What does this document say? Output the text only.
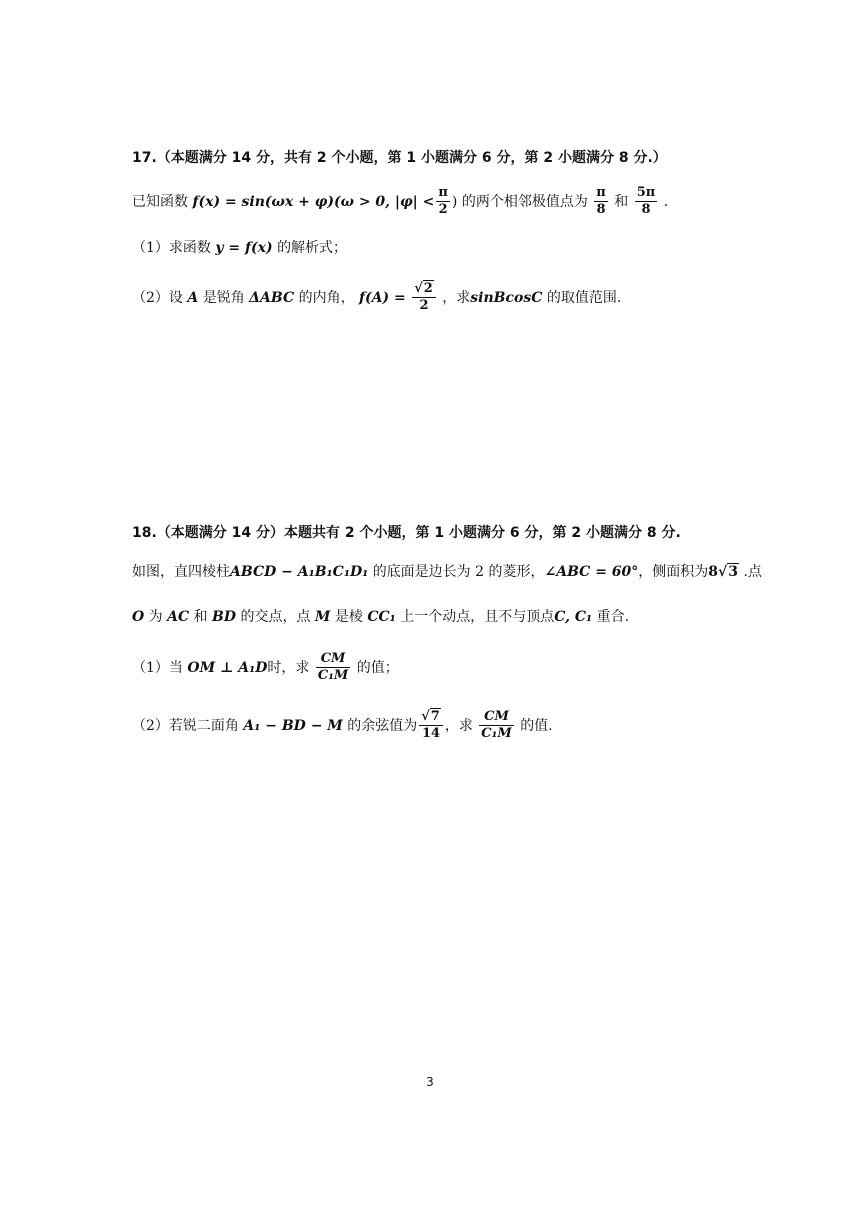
17.（本题满分 14 分，共有 2 个小题，第 1 小题满分 6 分，第 2 小题满分 8 分.）
已知函数 f(x) = sin(ωx + φ)(ω > 0, $|\varphi| < \frac{\pi}{2}$ ) 的两个相邻极值点为 $\frac{\pi}{8}$ 和 $\frac{5\pi}{8}$ .
（1）求函数 y = f(x) 的解析式；
（2）设 A 是锐角 ΔABC 的内角， $f(A) = \frac{√2}{2}$ ，求sinBcosC 的取值范围.
18.（本题满分 14 分）本题共有 2 个小题，第 1 小题满分 6 分，第 2 小题满分 8 分.
如图，直四棱柱ABCD − A₁B₁C₁D₁ 的底面是边长为 2 的菱形，∠ABC = 60°，侧面积为8√3 .点
O 为 AC 和 BD 的交点，点 M 是棱 CC₁ 上一个动点，且不与顶点C, C₁ 重合.
（1）当 OM ⊥ A₁D时，求 $\frac{CM}{\text{C₁M}}$ 的值；
（2）若锐二面角 A₁ − BD − M 的余弦值为 $\frac{√7}{14}$ ，求 $\frac{CM}{\text{C₁M}}$ 的值.
3
